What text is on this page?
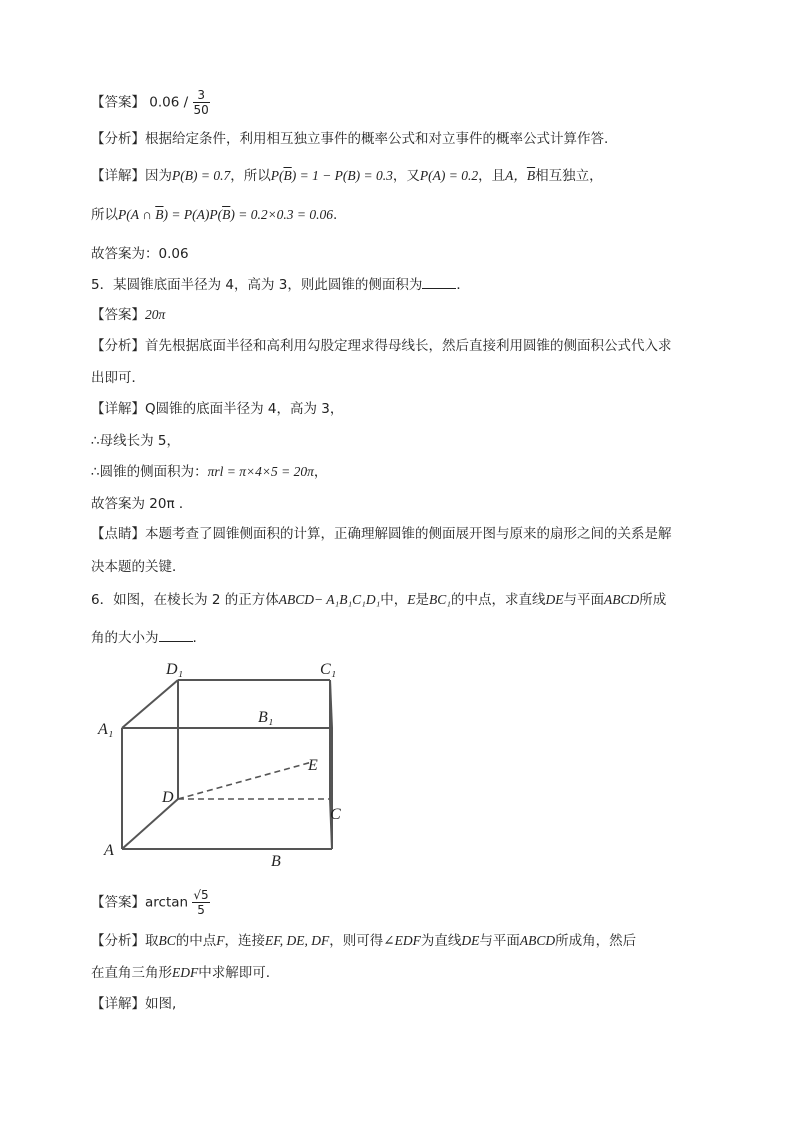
【答案】 $0.06 / \frac{3}{50}$
【分析】根据给定条件，利用相互独立事件的概率公式和对立事件的概率公式计算作答.
【详解】因为P(B) = 0.7，所以$P(\overline{B}) = 1 - P(B) = 0.3$，又P(A) = 0.2，且A，$\overline{B}$相互独立，
所以P(A ∩ $\overline{B}) = P(A)P(\overline{B}) = 0.2\times 0.3 = 0.06$.
故答案为：0.06
5．某圆锥底面半径为 4，高为 3，则此圆锥的侧面积为	．
【答案】20π
【分析】首先根据底面半径和高利用勾股定理求得母线长，然后直接利用圆锥的侧面积公式代入求
出即可．
【详解】Q圆锥的底面半径为 4，高为 3，
∴母线长为 5，
∴圆锥的侧面积为：πrl = π×4×5 = 20π，
故答案为 20π ．
【点睛】本题考查了圆锥侧面积的计算，正确理解圆锥的侧面展开图与原来的扇形之间的关系是解
决本题的关键．
6．如图，在棱长为 2 的正方体ABCD− A₁B₁C₁D₁中，E是BC₁的中点，求直线DE与平面ABCD所成
角的大小为	.
A
B
C
D
A₁
B₁
C₁
D₁
E
【答案】$\arctan \frac{√5}{5}$
【分析】取BC的中点F，连接EF, DE, DF，则可得∠EDF为直线DE与平面ABCD所成角，然后
在直角三角形EDF中求解即可.
【详解】如图,
